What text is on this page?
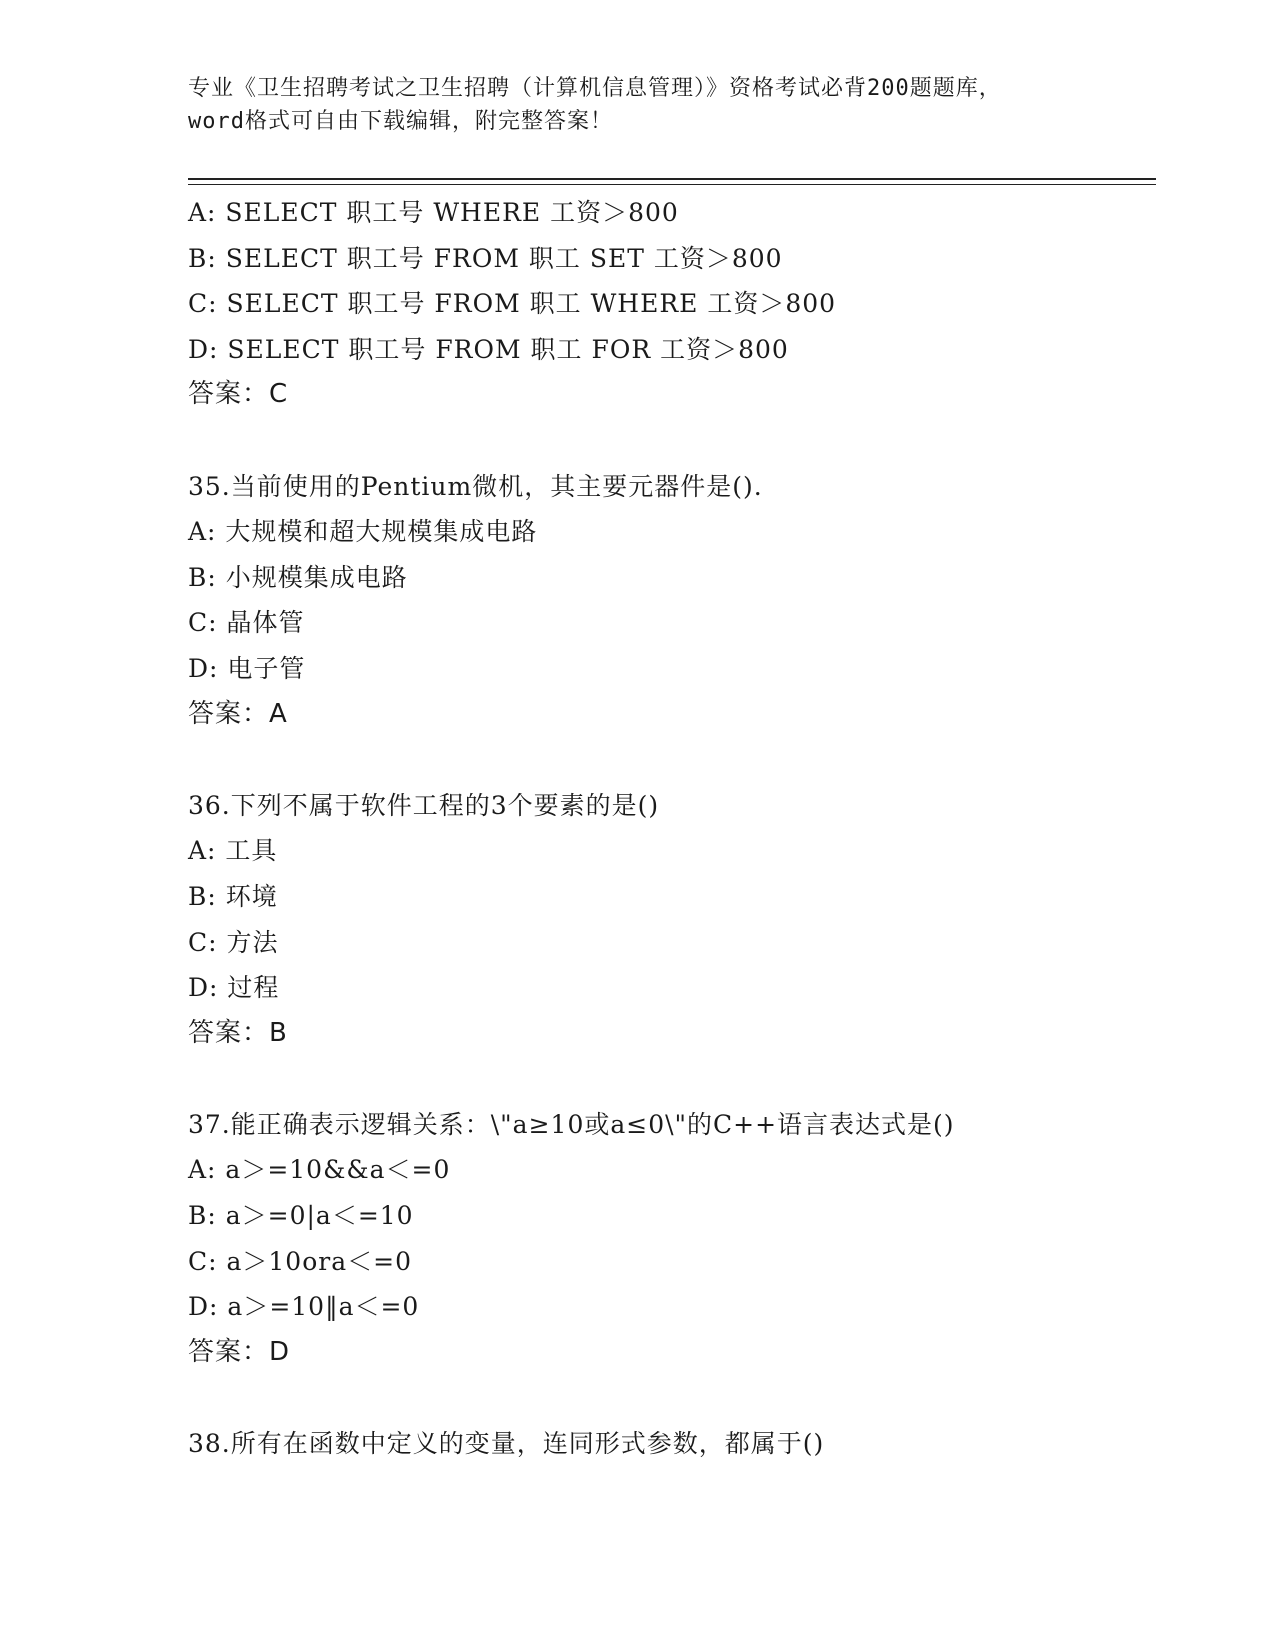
专业《卫生招聘考试之卫生招聘（计算机信息管理）》资格考试必背200题题库，
word格式可自由下载编辑，附完整答案！
A: SELECT 职工号 WHERE 工资＞800
B: SELECT 职工号 FROM 职工 SET 工资＞800
C: SELECT 职工号 FROM 职工 WHERE 工资＞800
D: SELECT 职工号 FROM 职工 FOR 工资＞800
答案：C
35.当前使用的Pentium微机，其主要元器件是().
A: 大规模和超大规模集成电路
B: 小规模集成电路
C: 晶体管
D: 电子管
答案：A
36.下列不属于软件工程的3个要素的是()
A: 工具
B: 环境
C: 方法
D: 过程
答案：B
37.能正确表示逻辑关系：\"a≥10或a≤0\"的C++语言表达式是()
A: a＞=10&&a＜=0
B: a＞=0|a＜=10
C: a＞10ora＜=0
D: a＞=10‖a＜=0
答案：D
38.所有在函数中定义的变量，连同形式参数，都属于()
